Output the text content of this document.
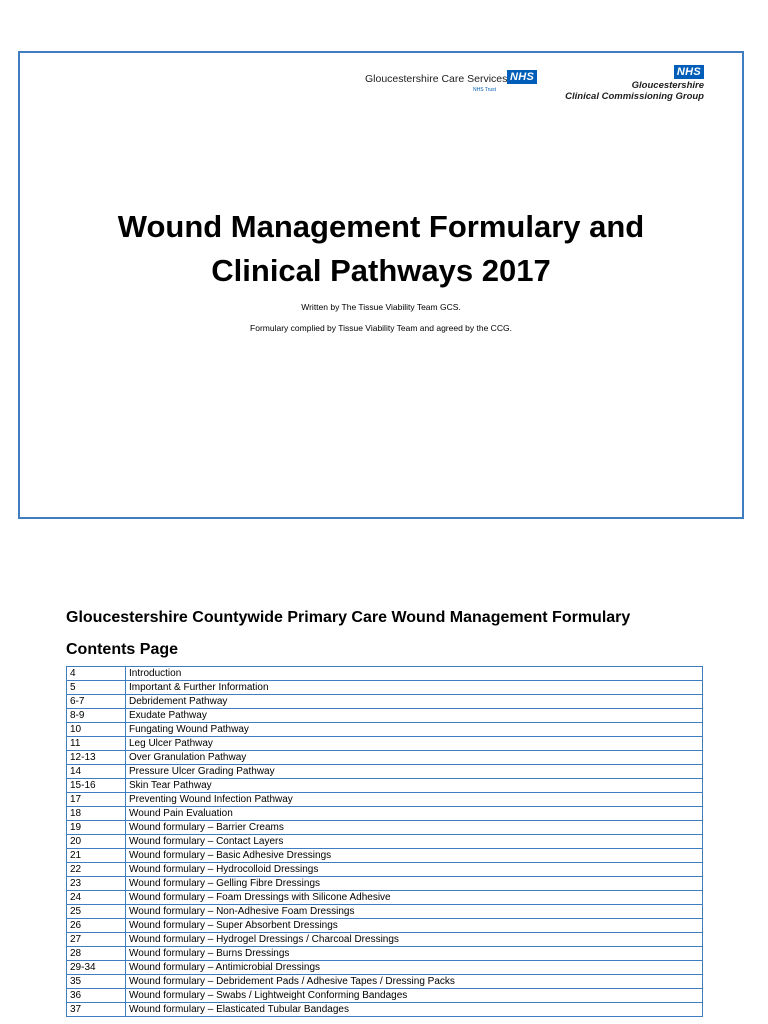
Gloucestershire Care Services NHS
NHS Trust
NHS
Gloucestershire
Clinical Commissioning Group
Wound Management Formulary and
Clinical Pathways 2017
Written by The Tissue Viability Team GCS.
Formulary complied by Tissue Viability Team and agreed by the CCG.
Gloucestershire Countywide Primary Care Wound Management Formulary
Contents Page
4	Introduction
5	Important & Further Information
6-7	Debridement Pathway
8-9	Exudate Pathway
10	Fungating Wound Pathway
11	Leg Ulcer Pathway
12-13	Over Granulation Pathway
14	Pressure Ulcer Grading Pathway
15-16	Skin Tear Pathway
17	Preventing Wound Infection Pathway
18	Wound Pain Evaluation
19	Wound formulary – Barrier Creams
20	Wound formulary – Contact Layers
21	Wound formulary – Basic Adhesive Dressings
22	Wound formulary – Hydrocolloid Dressings
23	Wound formulary – Gelling Fibre Dressings
24	Wound formulary – Foam Dressings with Silicone Adhesive
25	Wound formulary – Non-Adhesive Foam Dressings
26	Wound formulary – Super Absorbent Dressings
27	Wound formulary – Hydrogel Dressings / Charcoal Dressings
28	Wound formulary – Burns Dressings
29-34	Wound formulary – Antimicrobial Dressings
35	Wound formulary – Debridement Pads / Adhesive Tapes / Dressing Packs
36	Wound formulary – Swabs / Lightweight Conforming Bandages
37	Wound formulary – Elasticated Tubular Bandages
